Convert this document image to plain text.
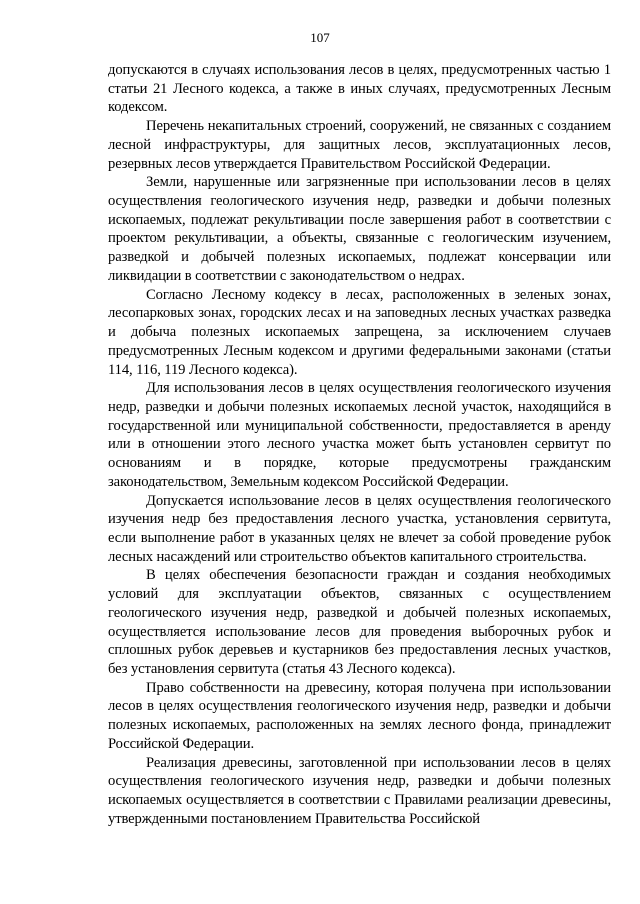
107

допускаются в случаях использования лесов в целях, предусмотренных частью 1 статьи 21 Лесного кодекса, а также в иных случаях, предусмотренных Лесным кодексом.

Перечень некапитальных строений, сооружений, не связанных с созданием лесной инфраструктуры, для защитных лесов, эксплуатационных лесов, резервных лесов утверждается Правительством Российской Федерации.

Земли, нарушенные или загрязненные при использовании лесов в целях осуществления геологического изучения недр, разведки и добычи полезных ископаемых, подлежат рекультивации после завершения работ в соответствии с проектом рекультивации, а объекты, связанные с геологическим изучением, разведкой и добычей полезных ископаемых, подлежат консервации или ликвидации в соответствии с законодательством о недрах.

Согласно Лесному кодексу в лесах, расположенных в зеленых зонах, лесопарковых зонах, городских лесах и на заповедных лесных участках разведка и добыча полезных ископаемых запрещена, за исключением случаев предусмотренных Лесным кодексом и другими федеральными законами (статьи 114, 116, 119 Лесного кодекса).

Для использования лесов в целях осуществления геологического изучения недр, разведки и добычи полезных ископаемых лесной участок, находящийся в государственной или муниципальной собственности, предоставляется в аренду или в отношении этого лесного участка может быть установлен сервитут по основаниям и в порядке, которые предусмотрены гражданским законодательством, Земельным кодексом Российской Федерации.

Допускается использование лесов в целях осуществления геологического изучения недр без предоставления лесного участка, установления сервитута, если выполнение работ в указанных целях не влечет за собой проведение рубок лесных насаждений или строительство объектов капитального строительства.

В целях обеспечения безопасности граждан и создания необходимых условий для эксплуатации объектов, связанных с осуществлением геологического изучения недр, разведкой и добычей полезных ископаемых, осуществляется использование лесов для проведения выборочных рубок и сплошных рубок деревьев и кустарников без предоставления лесных участков, без установления сервитута (статья 43 Лесного кодекса).

Право собственности на древесину, которая получена при использовании лесов в целях осуществления геологического изучения недр, разведки и добычи полезных ископаемых, расположенных на землях лесного фонда, принадлежит Российской Федерации.

Реализация древесины, заготовленной при использовании лесов в целях осуществления геологического изучения недр, разведки и добычи полезных ископаемых осуществляется в соответствии с Правилами реализации древесины, утвержденными постановлением Правительства Российской
